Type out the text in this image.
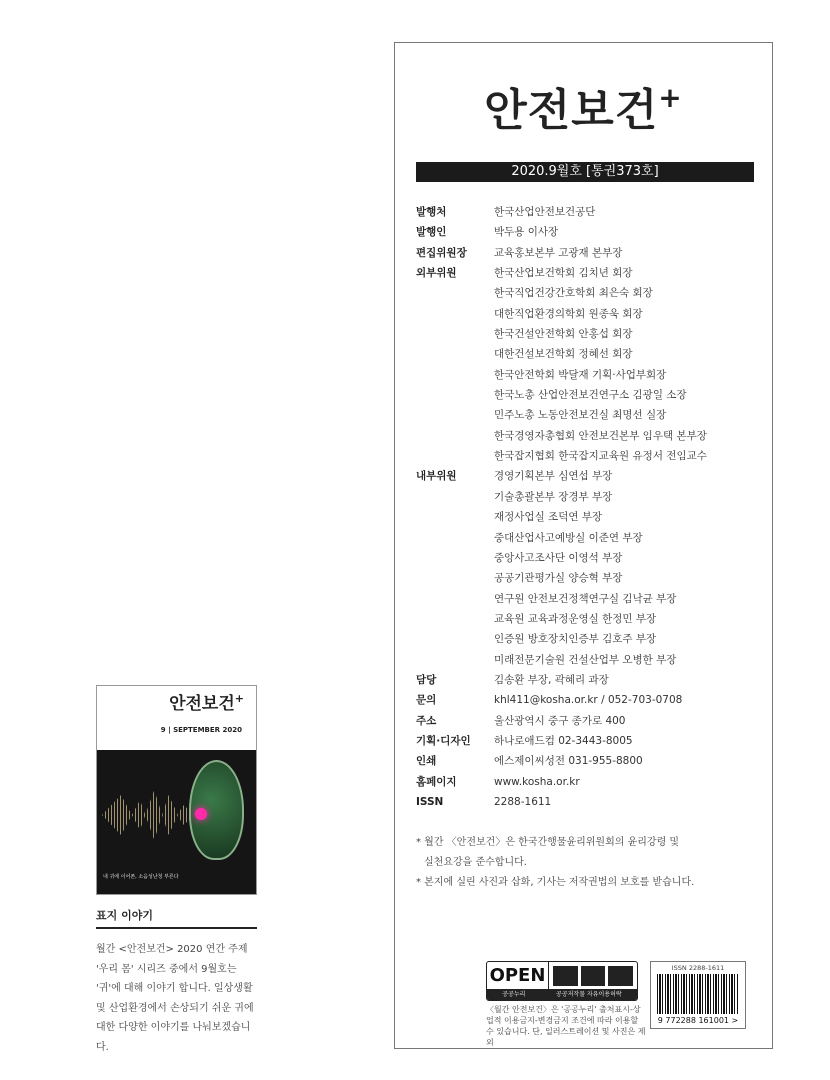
안전보건+
2020.9월호 [통권373호]
발행처	한국산업안전보건공단
발행인	박두용 이사장
편집위원장	교육홍보본부 고광재 본부장
외부위원	한국산업보건학회 김치년 회장
한국직업건강간호학회 최은숙 회장
대한직업환경의학회 원종욱 회장
한국건설안전학회 안홍섭 회장
대한건설보건학회 정혜선 회장
한국안전학회 박달재 기획·사업부회장
한국노총 산업안전보건연구소 김광일 소장
민주노총 노동안전보건실 최명선 실장
한국경영자총협회 안전보건본부 임우택 본부장
한국잡지협회 한국잡지교육원 유정서 전임교수
내부위원	경영기획본부 심연섭 부장
기술총괄본부 장경부 부장
재정사업실 조덕연 부장
중대산업사고예방실 이준연 부장
중앙사고조사단 이영석 부장
공공기관평가실 양승혁 부장
연구원 안전보건정책연구실 김낙균 부장
교육원 교육과정운영실 한정민 부장
인증원 방호장치인증부 김호주 부장
미래전문기술원 건설산업부 오병한 부장
담당	김송환 부장, 곽혜리 과장
문의	khl411@kosha.or.kr / 052-703-0708
주소	울산광역시 중구 종가로 400
기획·디자인	하나로애드컴 02-3443-8005
인쇄	에스제이씨성전 031-955-8800
홈페이지	www.kosha.or.kr
ISSN	2288-1611
* 월간 〈안전보건〉은 한국간행물윤리위원회의 윤리강령 및
실천요강을 준수합니다.
* 본지에 실린 사진과 삽화, 기사는 저작권법의 보호를 받습니다.
OPEN
공공누리	공공저작물 자유이용허락
〈월간 안전보건〉은 '공공누리' 출처표시-상업적 이용금지-변경금지 조건에 따라 이용할 수 있습니다. 단, 일러스트레이션 및 사진은 제외
ISSN 2288-1611
9 772288 161001 >
안전보건+
9 | SEPTEMBER 2020
내 귀에 이어폰, 소음성난청 부른다
표지 이야기
월간 <안전보건> 2020 연간 주제 '우리 몸' 시리즈 중에서 9월호는 '귀'에 대해 이야기 합니다. 일상생활 및 산업환경에서 손상되기 쉬운 귀에 대한 다양한 이야기를 나눠보겠습니다.
